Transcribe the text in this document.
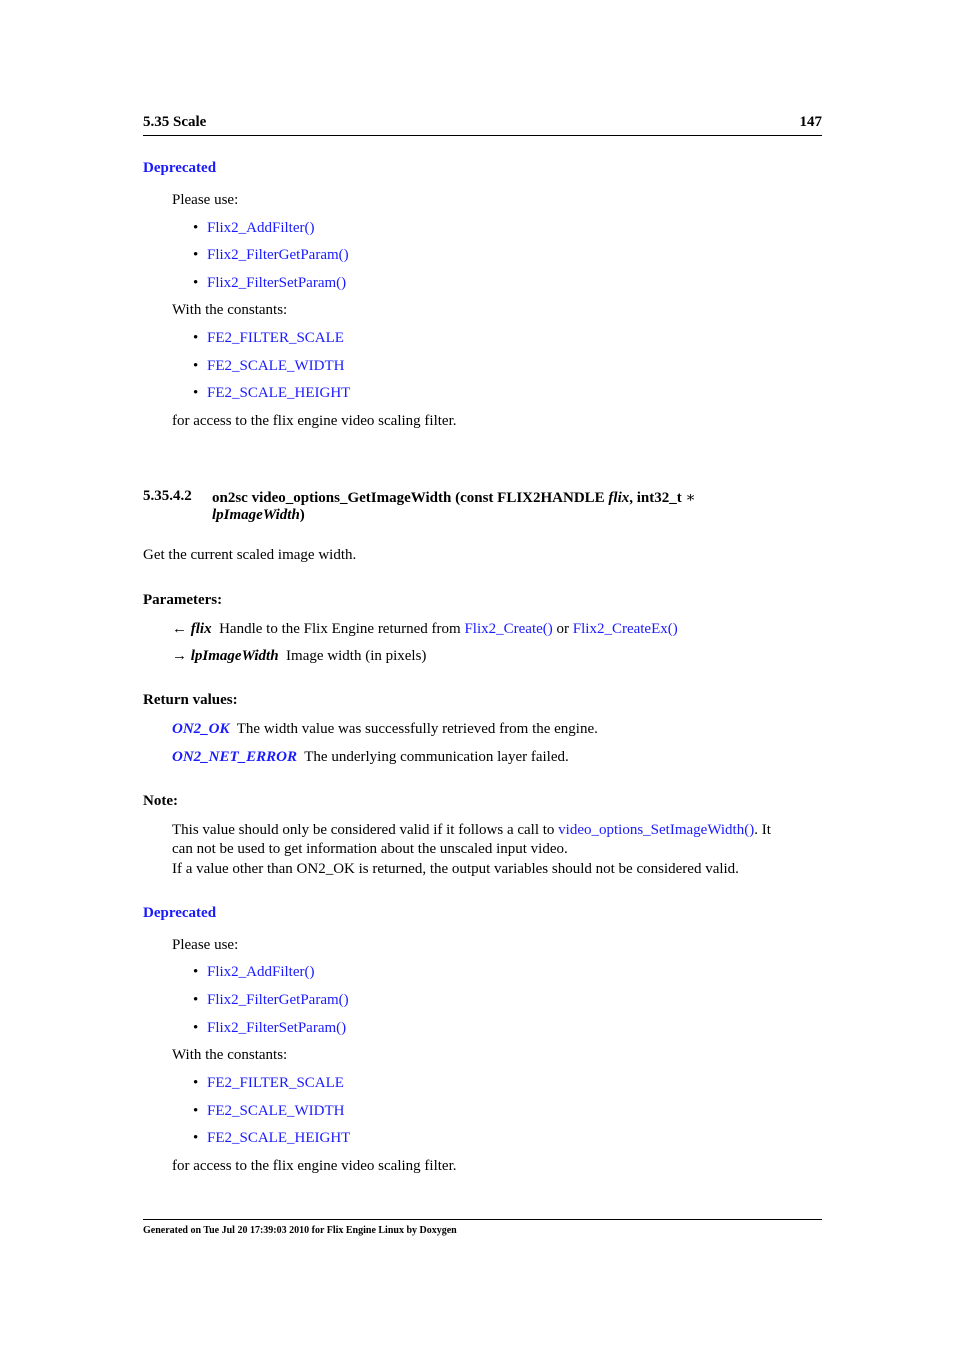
5.35 Scale	147
Deprecated
Please use:
• Flix2_AddFilter()
• Flix2_FilterGetParam()
• Flix2_FilterSetParam()
With the constants:
• FE2_FILTER_SCALE
• FE2_SCALE_WIDTH
• FE2_SCALE_HEIGHT
for access to the flix engine video scaling filter.
5.35.4.2 on2sc video_options_GetImageWidth (const FLIX2HANDLE flix, int32_t ∗
lpImageWidth)
Get the current scaled image width.
Parameters:
← flix Handle to the Flix Engine returned from Flix2_Create() or Flix2_CreateEx()
→ lpImageWidth Image width (in pixels)
Return values:
ON2_OK The width value was successfully retrieved from the engine.
ON2_NET_ERROR The underlying communication layer failed.
Note:
This value should only be considered valid if it follows a call to video_options_SetImageWidth(). It
can not be used to get information about the unscaled input video.
If a value other than ON2_OK is returned, the output variables should not be considered valid.
Deprecated
Please use:
• Flix2_AddFilter()
• Flix2_FilterGetParam()
• Flix2_FilterSetParam()
With the constants:
• FE2_FILTER_SCALE
• FE2_SCALE_WIDTH
• FE2_SCALE_HEIGHT
for access to the flix engine video scaling filter.
Generated on Tue Jul 20 17:39:03 2010 for Flix Engine Linux by Doxygen
